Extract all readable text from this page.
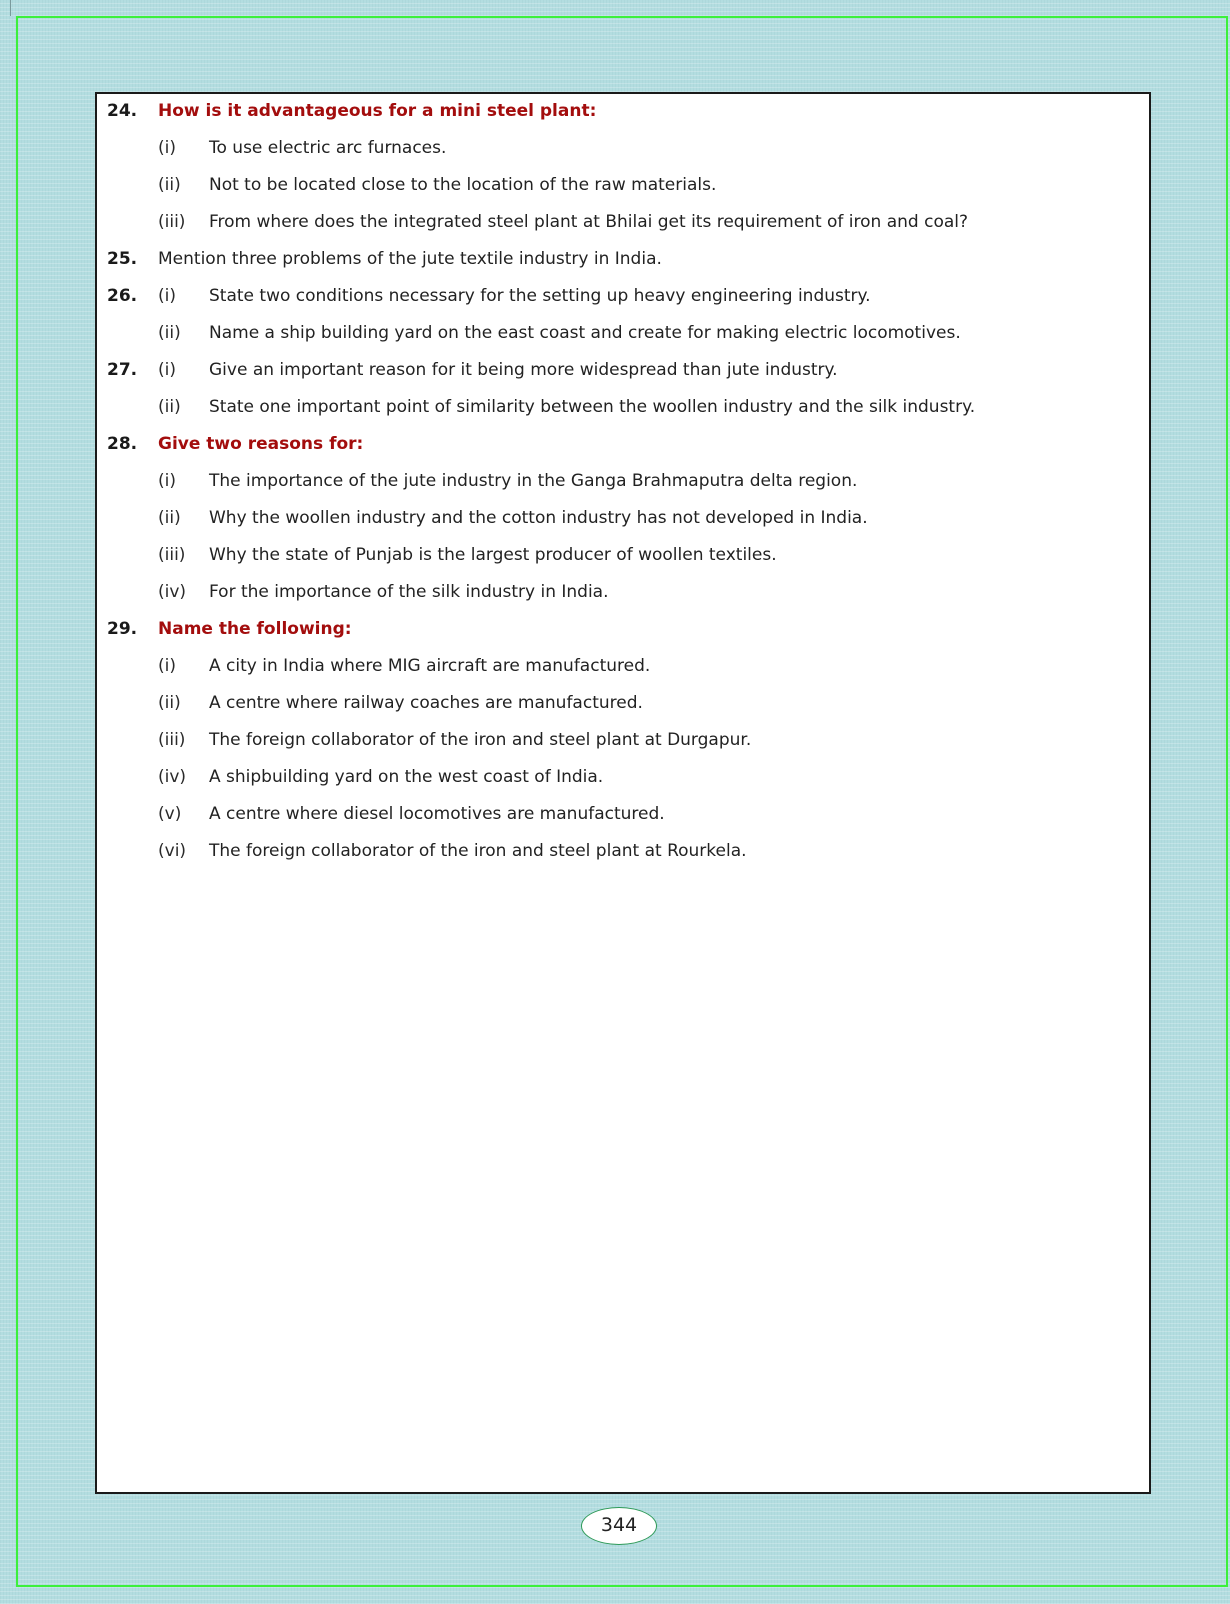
24. How is it advantageous for a mini steel plant:
(i) To use electric arc furnaces.
(ii) Not to be located close to the location of the raw materials.
(iii) From where does the integrated steel plant at Bhilai get its requirement of iron and coal?
25. Mention three problems of the jute textile industry in India.
26. (i) State two conditions necessary for the setting up heavy engineering industry.
(ii) Name a ship building yard on the east coast and create for making electric locomotives.
27. (i) Give an important reason for it being more widespread than jute industry.
(ii) State one important point of similarity between the woollen industry and the silk industry.
28. Give two reasons for:
(i) The importance of the jute industry in the Ganga Brahmaputra delta region.
(ii) Why the woollen industry and the cotton industry has not developed in India.
(iii) Why the state of Punjab is the largest producer of woollen textiles.
(iv) For the importance of the silk industry in India.
29. Name the following:
(i) A city in India where MIG aircraft are manufactured.
(ii) A centre where railway coaches are manufactured.
(iii) The foreign collaborator of the iron and steel plant at Durgapur.
(iv) A shipbuilding yard on the west coast of India.
(v) A centre where diesel locomotives are manufactured.
(vi) The foreign collaborator of the iron and steel plant at Rourkela.
344
